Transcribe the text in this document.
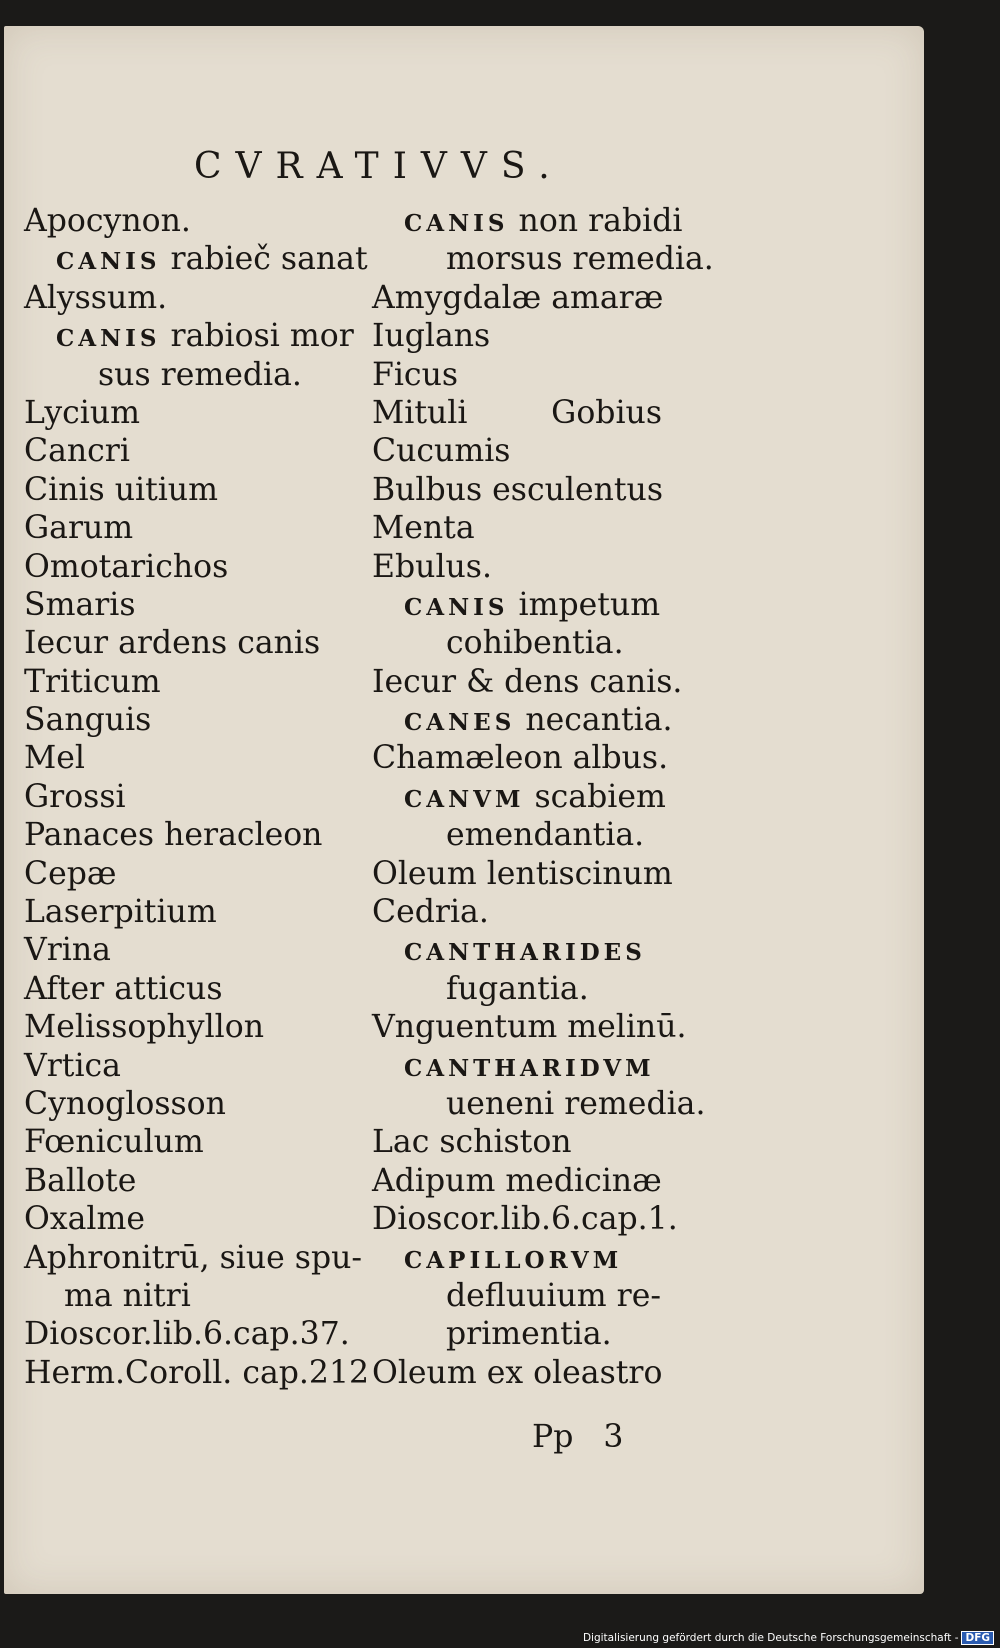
CVRATIVVS.
Apocynon.
CANIS rabieč sanat
Alyssum.
CANIS rabiosi mor
sus remedia.
Lycium
Cancri
Cinis uitium
Garum
Omotarichos
Smaris
Iecur ardens canis
Triticum
Sanguis
Mel
Grossi
Panaces heracleon
Cepæ
Laserpitium
Vrina
After atticus
Melissophyllon
Vrtica
Cynoglosson
Fœniculum
Ballote
Oxalme
Aphronitrū, siue spu-
ma nitri
Dioscor.lib.6.cap.37.
Herm.Coroll. cap.212
CANIS non rabidi
morsus remedia.
Amygdalæ amaræ
Iuglans
Ficus
Mituli	Gobius
Cucumis
Bulbus esculentus
Menta
Ebulus.
CANIS impetum
cohibentia.
Iecur & dens canis.
CANES necantia.
Chamæleon albus.
CANVM scabiem
emendantia.
Oleum lentiscinum
Cedria.
CANTHARIDES
fugantia.
Vnguentum melinū.
CANTHARIDVM
ueneni remedia.
Lac schiston
Adipum medicinæ
Dioscor.lib.6.cap.1.
CAPILLORVM
defluuium re-
primentia.
Oleum ex oleastro
Pp 3
Digitalisierung gefördert durch die Deutsche Forschungsgemeinschaft - DFG
